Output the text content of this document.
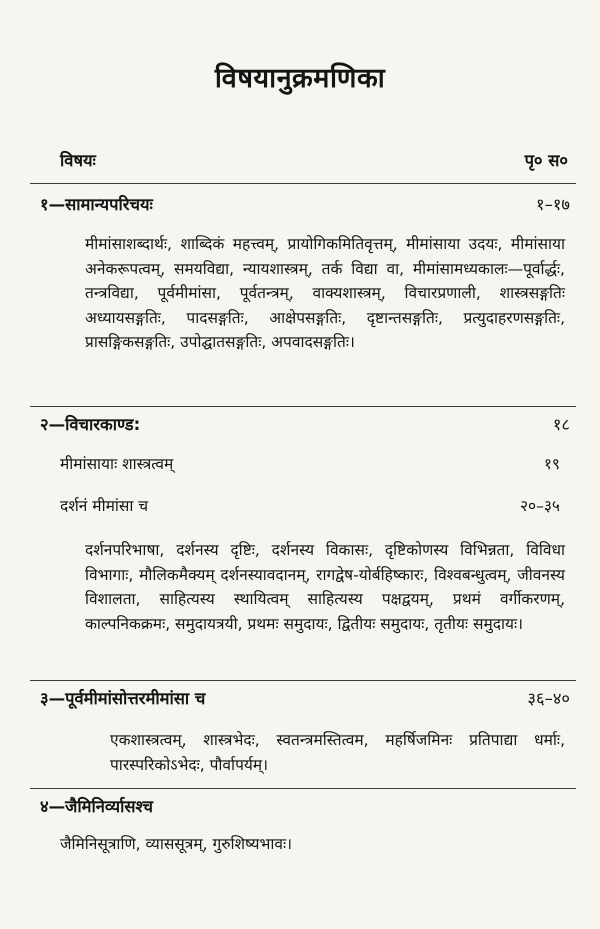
विषयानुक्रमणिका
विषयः	पृ० स०
१—सामान्यपरिचयः	१–१७
मीमांसाशब्दार्थः, शाब्दिकं महत्त्वम्, प्रायोगिकमितिवृत्तम्, मीमांसाया उदयः, मीमांसाया अनेकरूपत्वम्, समयविद्या, न्यायशास्त्रम्, तर्क विद्या वा, मीमांसामध्यकालः—पूर्वार्द्धः, तन्त्रविद्या, पूर्वमीमांसा, पूर्वतन्त्रम्, वाक्यशास्त्रम्, विचारप्रणाली, शास्त्रसङ्गतिः अध्यायसङ्गतिः, पादसङ्गतिः, आक्षेपसङ्गतिः, दृष्टान्तसङ्गतिः, प्रत्युदाहरणसङ्गतिः, प्रासङ्गिकसङ्गतिः, उपोद्घातसङ्गतिः, अपवादसङ्गतिः।
२—विचारकाण्ड:	१८
मीमांसायाः शास्त्रत्वम्	१९
दर्शनं मीमांसा च	२०–३५
दर्शनपरिभाषा, दर्शनस्य दृष्टिः, दर्शनस्य विकासः, दृष्टिकोणस्य विभिन्नता, विविधा विभागाः, मौलिकमैक्यम् दर्शनस्यावदानम्, रागद्वेष-योर्बहिष्कारः, विश्वबन्धुत्वम्, जीवनस्य विशालता, साहित्यस्य स्थायित्वम् साहित्यस्य पक्षद्वयम्, प्रथमं वर्गीकरणम्, काल्पनिकक्रमः, समुदायत्रयी, प्रथमः समुदायः, द्वितीयः समुदायः, तृतीयः समुदायः।
३—पूर्वमीमांसोत्तरमीमांसा च	३६–४०
एकशास्त्रत्वम्, शास्त्रभेदः, स्वतन्त्रमस्तित्वम, महर्षिजमिनः प्रतिपाद्या धर्माः, पारस्परिकोऽभेदः, पौर्वापर्यम्।
४—जैमिनिर्व्यासश्च
जैमिनिसूत्राणि, व्याससूत्रम्, गुरुशिष्यभावः।
